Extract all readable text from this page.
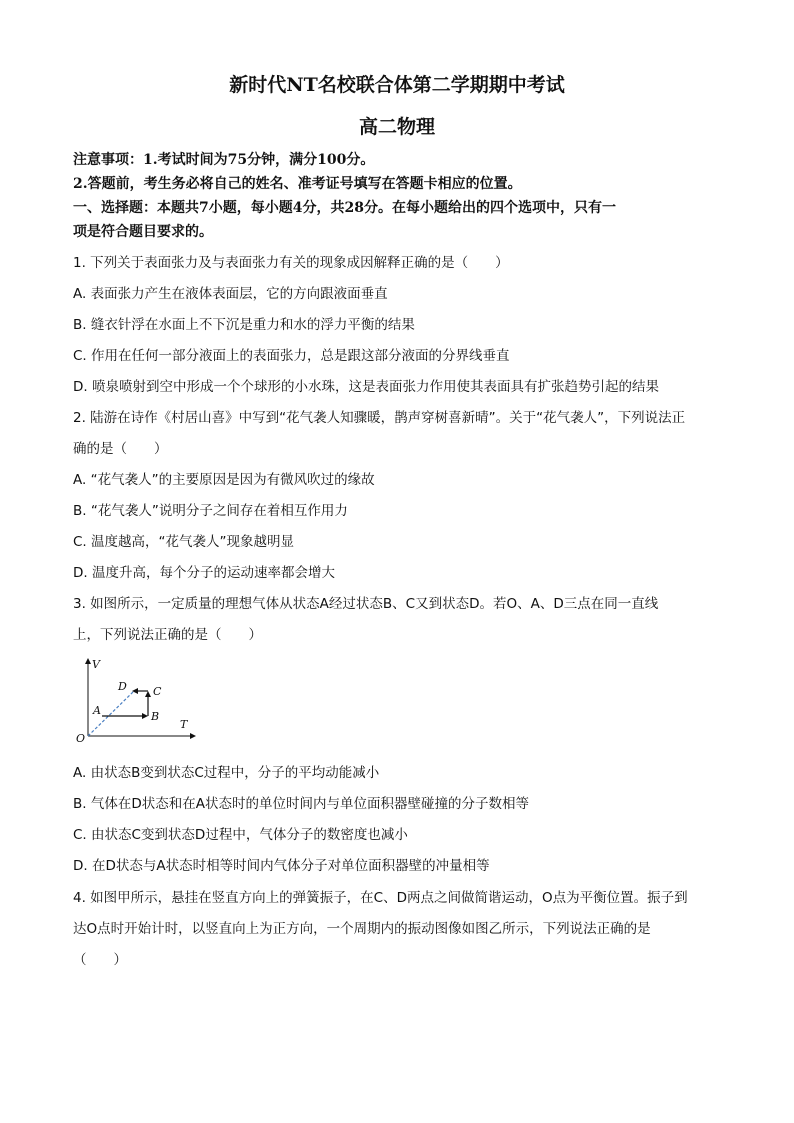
新时代NT名校联合体第二学期期中考试
高二物理
注意事项：1.考试时间为75分钟，满分100分。
2.答题前，考生务必将自己的姓名、准考证号填写在答题卡相应的位置。
一、选择题：本题共7小题，每小题4分，共28分。在每小题给出的四个选项中，只有一
项是符合题目要求的。
1. 下列关于表面张力及与表面张力有关的现象成因解释正确的是（　　）
A. 表面张力产生在液体表面层，它的方向跟液面垂直
B. 缝衣针浮在水面上不下沉是重力和水的浮力平衡的结果
C. 作用在任何一部分液面上的表面张力，总是跟这部分液面的分界线垂直
D. 喷泉喷射到空中形成一个个球形的小水珠，这是表面张力作用使其表面具有扩张趋势引起的结果
2. 陆游在诗作《村居山喜》中写到“花气袭人知骤暖，鹊声穿树喜新晴”。关于“花气袭人”，下列说法正
确的是（　　）
A. “花气袭人”的主要原因是因为有微风吹过的缘故
B. “花气袭人”说明分子之间存在着相互作用力
C. 温度越高，“花气袭人”现象越明显
D. 温度升高，每个分子的运动速率都会增大
3. 如图所示，一定质量的理想气体从状态A经过状态B、C又到状态D。若O、A、D三点在同一直线
上，下列说法正确的是（　　）
V
T
O
A	B
C
D
A. 由状态B变到状态C过程中，分子的平均动能减小
B. 气体在D状态和在A状态时的单位时间内与单位面积器壁碰撞的分子数相等
C. 由状态C变到状态D过程中，气体分子的数密度也减小
D. 在D状态与A状态时相等时间内气体分子对单位面积器壁的冲量相等
4. 如图甲所示，悬挂在竖直方向上的弹簧振子，在C、D两点之间做简谐运动，O点为平衡位置。振子到
达O点时开始计时，以竖直向上为正方向，一个周期内的振动图像如图乙所示，下列说法正确的是
（　　）
